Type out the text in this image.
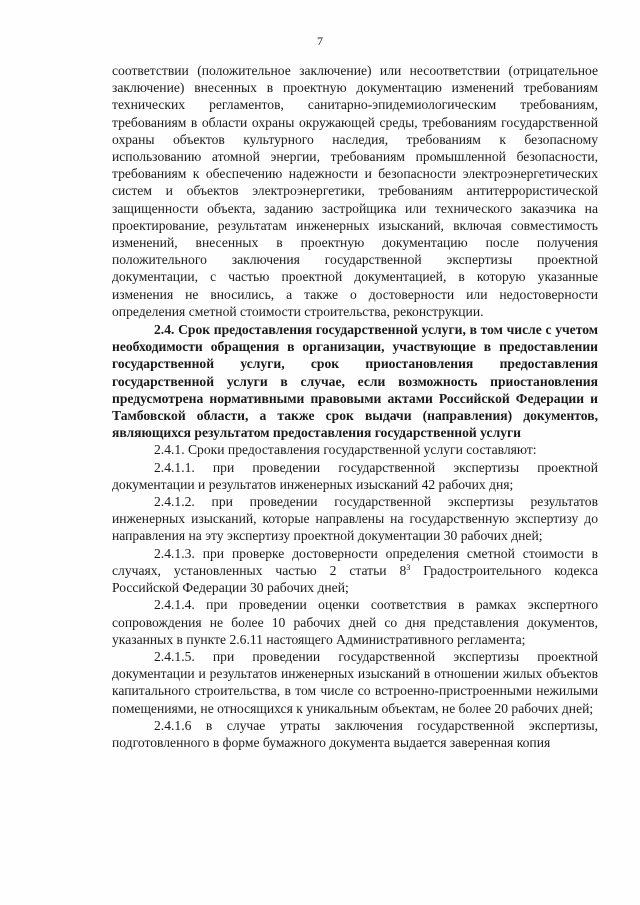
7

соответствии (положительное заключение) или несоответствии (отрицательное заключение) внесенных в проектную документацию изменений требованиям технических регламентов, санитарно-эпидемиологическим требованиям, требованиям в области охраны окружающей среды, требованиям государственной охраны объектов культурного наследия, требованиям к безопасному использованию атомной энергии, требованиям промышленной безопасности, требованиям к обеспечению надежности и безопасности электроэнергетических систем и объектов электроэнергетики, требованиям антитеррористической защищенности объекта, заданию застройщика или технического заказчика на проектирование, результатам инженерных изысканий, включая совместимость изменений, внесенных в проектную документацию после получения положительного заключения государственной экспертизы проектной документации, с частью проектной документацией, в которую указанные изменения не вносились, а также о достоверности или недостоверности определения сметной стоимости строительства, реконструкции.

2.4. Срок предоставления государственной услуги, в том числе с учетом необходимости обращения в организации, участвующие в предоставлении государственной услуги, срок приостановления предоставления государственной услуги в случае, если возможность приостановления предусмотрена нормативными правовыми актами Российской Федерации и Тамбовской области, а также срок выдачи (направления) документов, являющихся результатом предоставления государственной услуги

2.4.1. Сроки предоставления государственной услуги составляют:

2.4.1.1. при проведении государственной экспертизы проектной документации и результатов инженерных изысканий 42 рабочих дня;

2.4.1.2. при проведении государственной экспертизы результатов инженерных изысканий, которые направлены на государственную экспертизу до направления на эту экспертизу проектной документации 30 рабочих дней;

2.4.1.3. при проверке достоверности определения сметной стоимости в случаях, установленных частью 2 статьи $8^3$ Градостроительного кодекса Российской Федерации 30 рабочих дней;

2.4.1.4. при проведении оценки соответствия в рамках экспертного сопровождения не более 10 рабочих дней со дня представления документов, указанных в пункте 2.6.11 настоящего Административного регламента;

2.4.1.5. при проведении государственной экспертизы проектной документации и результатов инженерных изысканий в отношении жилых объектов капитального строительства, в том числе со встроенно-пристроенными нежилыми помещениями, не относящихся к уникальным объектам, не более 20 рабочих дней;

2.4.1.6 в случае утраты заключения государственной экспертизы, подготовленного в форме бумажного документа выдается заверенная копия
